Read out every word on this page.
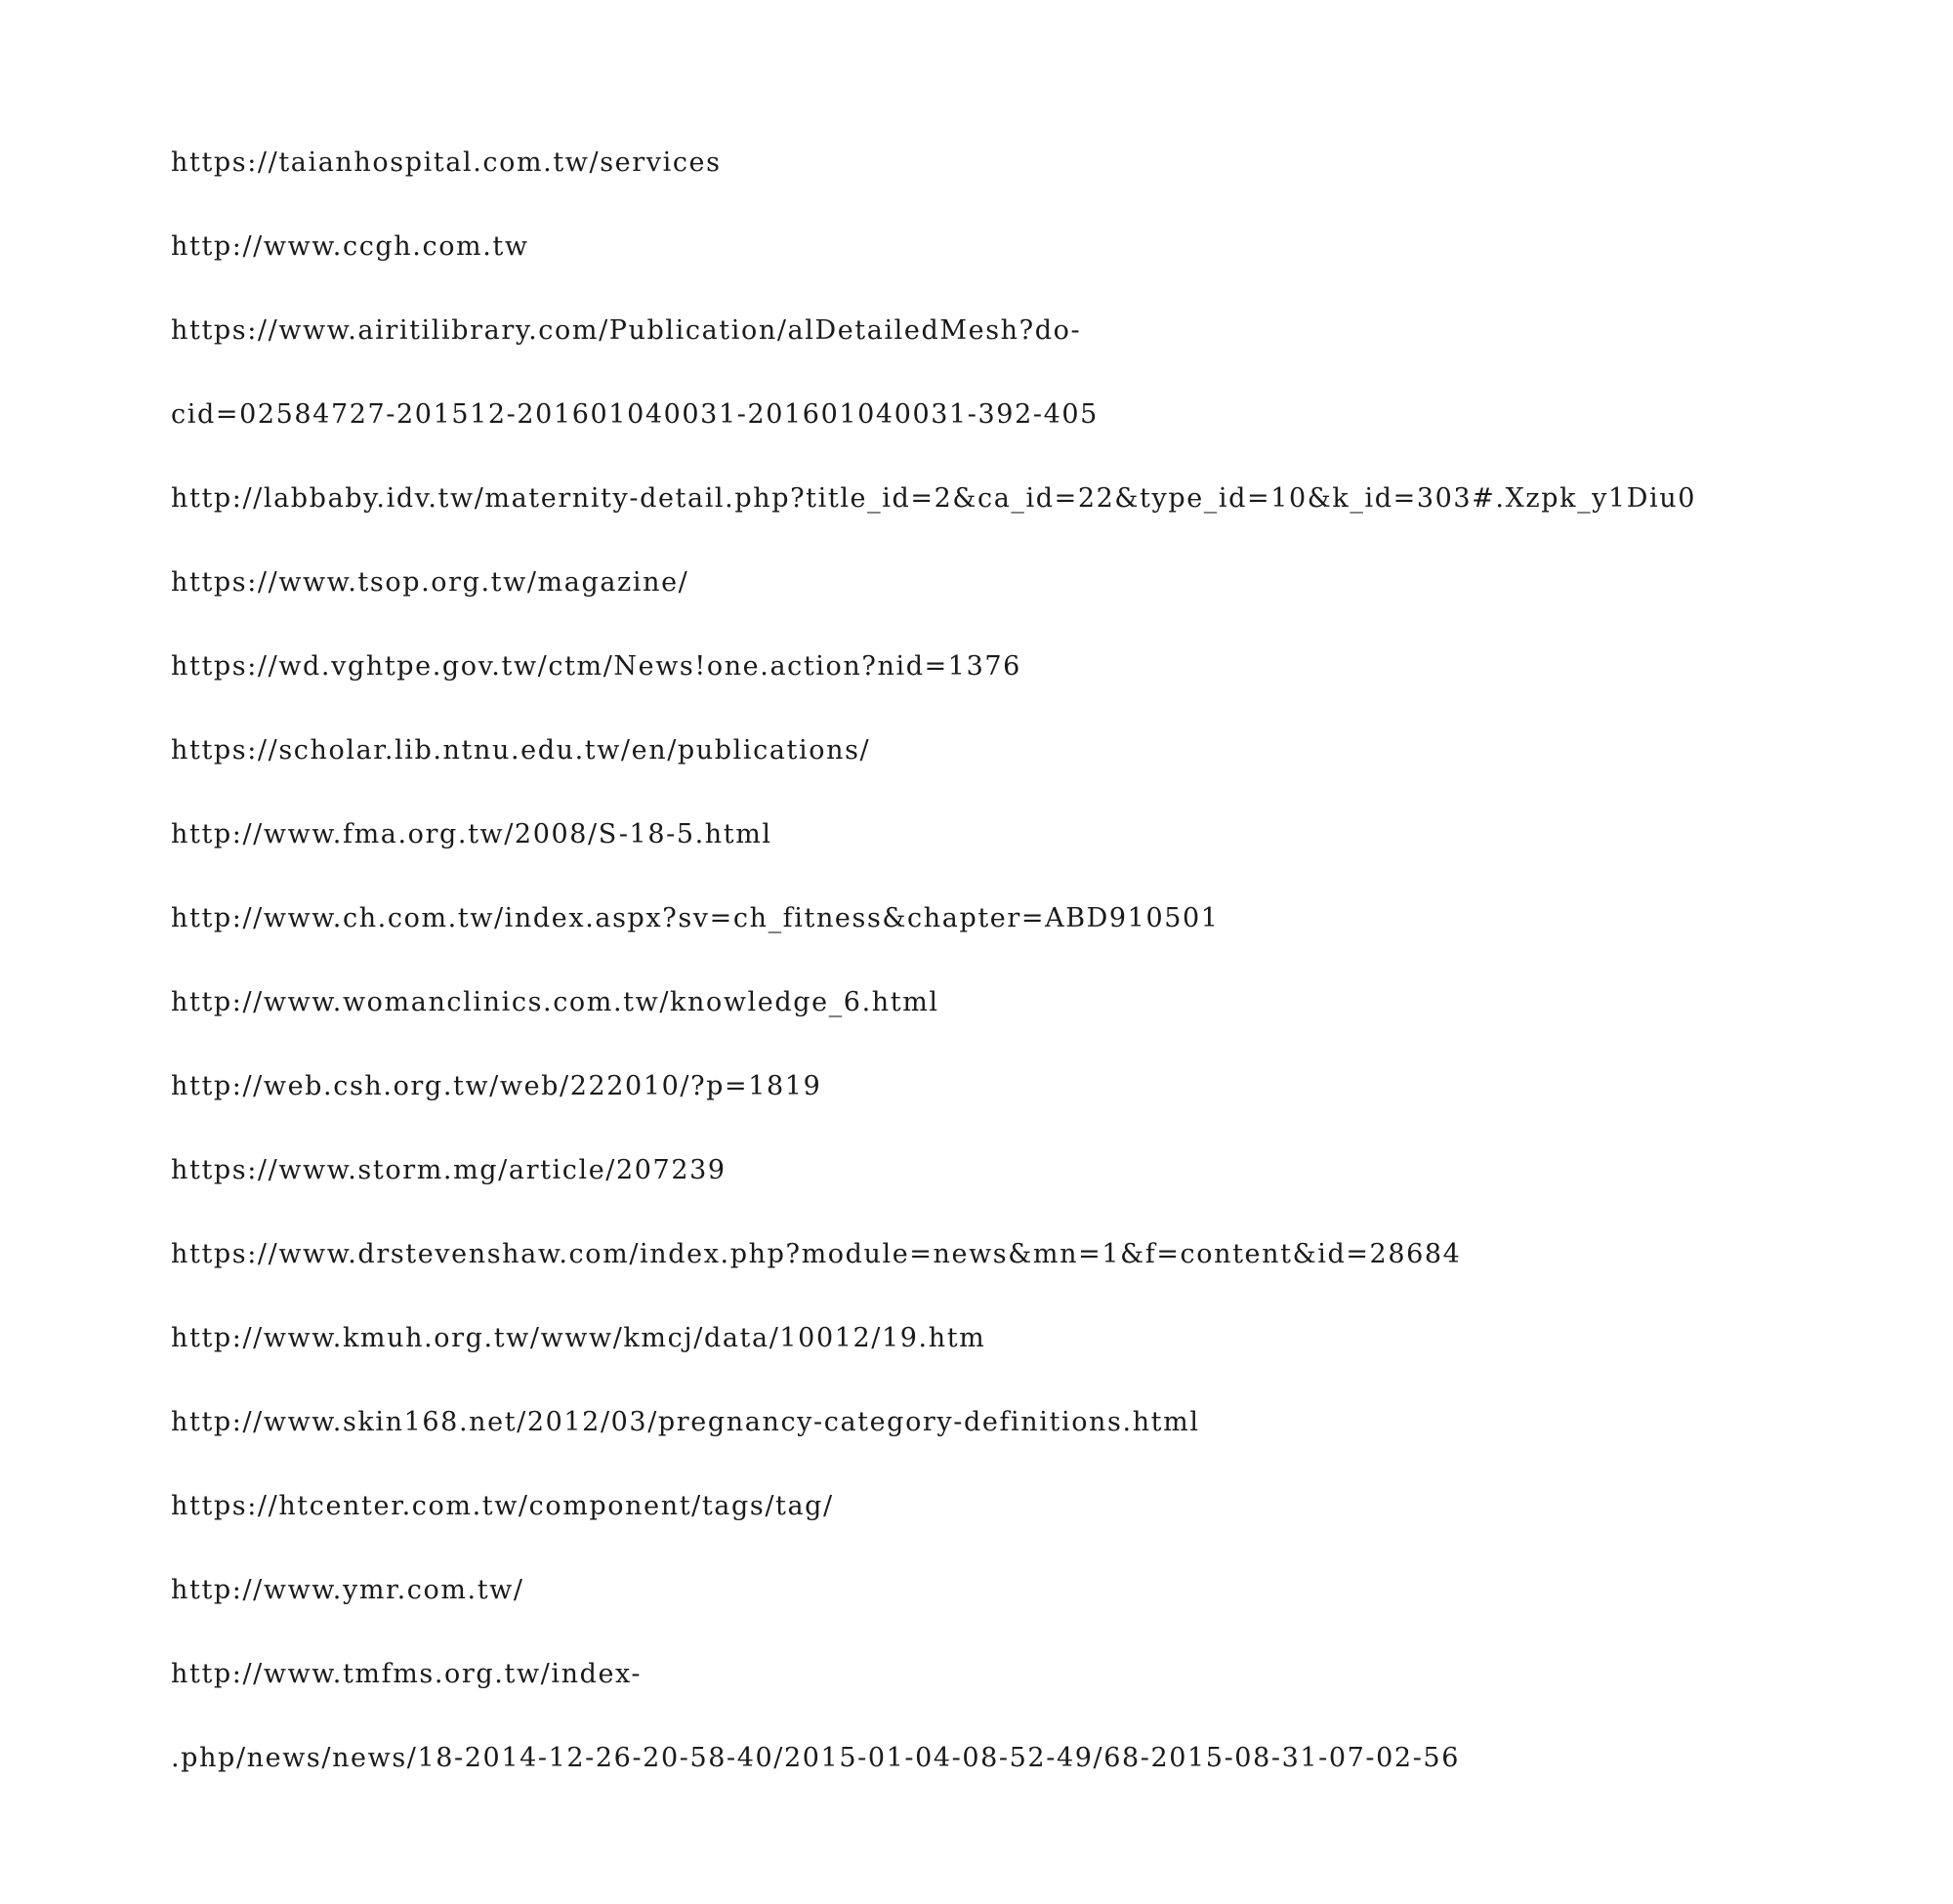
https://taianhospital.com.tw/services
http://www.ccgh.com.tw
https://www.airitilibrary.com/Publication/alDetailedMesh?do-
cid=02584727-201512-201601040031-201601040031-392-405
http://labbaby.idv.tw/maternity-detail.php?title_id=2&ca_id=22&type_id=10&k_id=303#.Xzpk_y1Diu0
https://www.tsop.org.tw/magazine/
https://wd.vghtpe.gov.tw/ctm/News!one.action?nid=1376
https://scholar.lib.ntnu.edu.tw/en/publications/
http://www.fma.org.tw/2008/S-18-5.html
http://www.ch.com.tw/index.aspx?sv=ch_fitness&chapter=ABD910501
http://www.womanclinics.com.tw/knowledge_6.html
http://web.csh.org.tw/web/222010/?p=1819
https://www.storm.mg/article/207239
https://www.drstevenshaw.com/index.php?module=news&mn=1&f=content&id=28684
http://www.kmuh.org.tw/www/kmcj/data/10012/19.htm
http://www.skin168.net/2012/03/pregnancy-category-definitions.html
https://htcenter.com.tw/component/tags/tag/
http://www.ymr.com.tw/
http://www.tmfms.org.tw/index-
.php/news/news/18-2014-12-26-20-58-40/2015-01-04-08-52-49/68-2015-08-31-07-02-56
